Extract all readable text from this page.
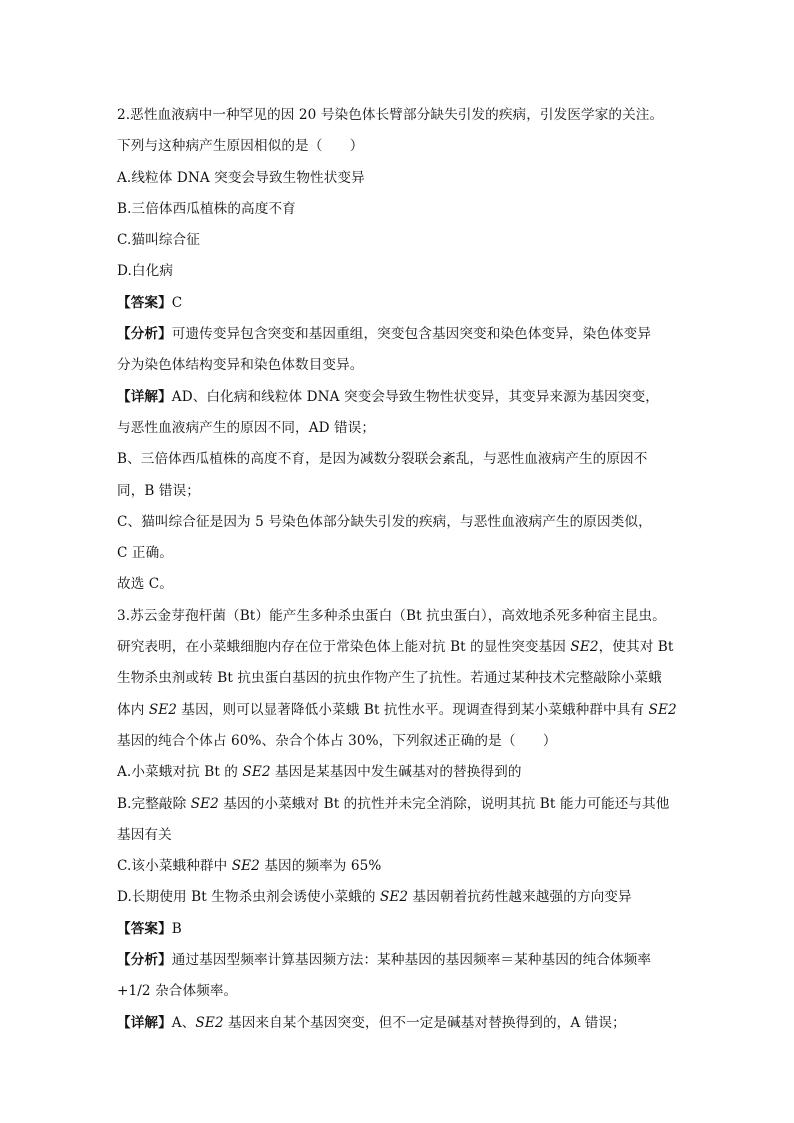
2.恶性血液病中一种罕见的因 20 号染色体长臂部分缺失引发的疾病，引发医学家的关注。
下列与这种病产生原因相似的是（　　）
A.线粒体 DNA 突变会导致生物性状变异
B.三倍体西瓜植株的高度不育
C.猫叫综合征
D.白化病
【答案】C
【分析】可遗传变异包含突变和基因重组，突变包含基因突变和染色体变异，染色体变异
分为染色体结构变异和染色体数目变异。
【详解】AD、白化病和线粒体 DNA 突变会导致生物性状变异，其变异来源为基因突变，
与恶性血液病产生的原因不同，AD 错误；
B、三倍体西瓜植株的高度不育，是因为减数分裂联会紊乱，与恶性血液病产生的原因不
同，B 错误；
C、猫叫综合征是因为 5 号染色体部分缺失引发的疾病，与恶性血液病产生的原因类似，
C 正确。
故选 C。
3.苏云金芽孢杆菌（Bt）能产生多种杀虫蛋白（Bt 抗虫蛋白），高效地杀死多种宿主昆虫。
研究表明，在小菜蛾细胞内存在位于常染色体上能对抗 Bt 的显性突变基因 SE2，使其对 Bt
生物杀虫剂或转 Bt 抗虫蛋白基因的抗虫作物产生了抗性。若通过某种技术完整敲除小菜蛾
体内 SE2 基因，则可以显著降低小菜蛾 Bt 抗性水平。现调查得到某小菜蛾种群中具有 SE2
基因的纯合个体占 60%、杂合个体占 30%，下列叙述正确的是（　　）
A.小菜蛾对抗 Bt 的 SE2 基因是某基因中发生碱基对的替换得到的
B.完整敲除 SE2 基因的小菜蛾对 Bt 的抗性并未完全消除，说明其抗 Bt 能力可能还与其他
基因有关
C.该小菜蛾种群中 SE2 基因的频率为 65%
D.长期使用 Bt 生物杀虫剂会诱使小菜蛾的 SE2 基因朝着抗药性越来越强的方向变异
【答案】B
【分析】通过基因型频率计算基因频方法：某种基因的基因频率＝某种基因的纯合体频率
+1/2 杂合体频率。
【详解】A、SE2 基因来自某个基因突变，但不一定是碱基对替换得到的，A 错误；
